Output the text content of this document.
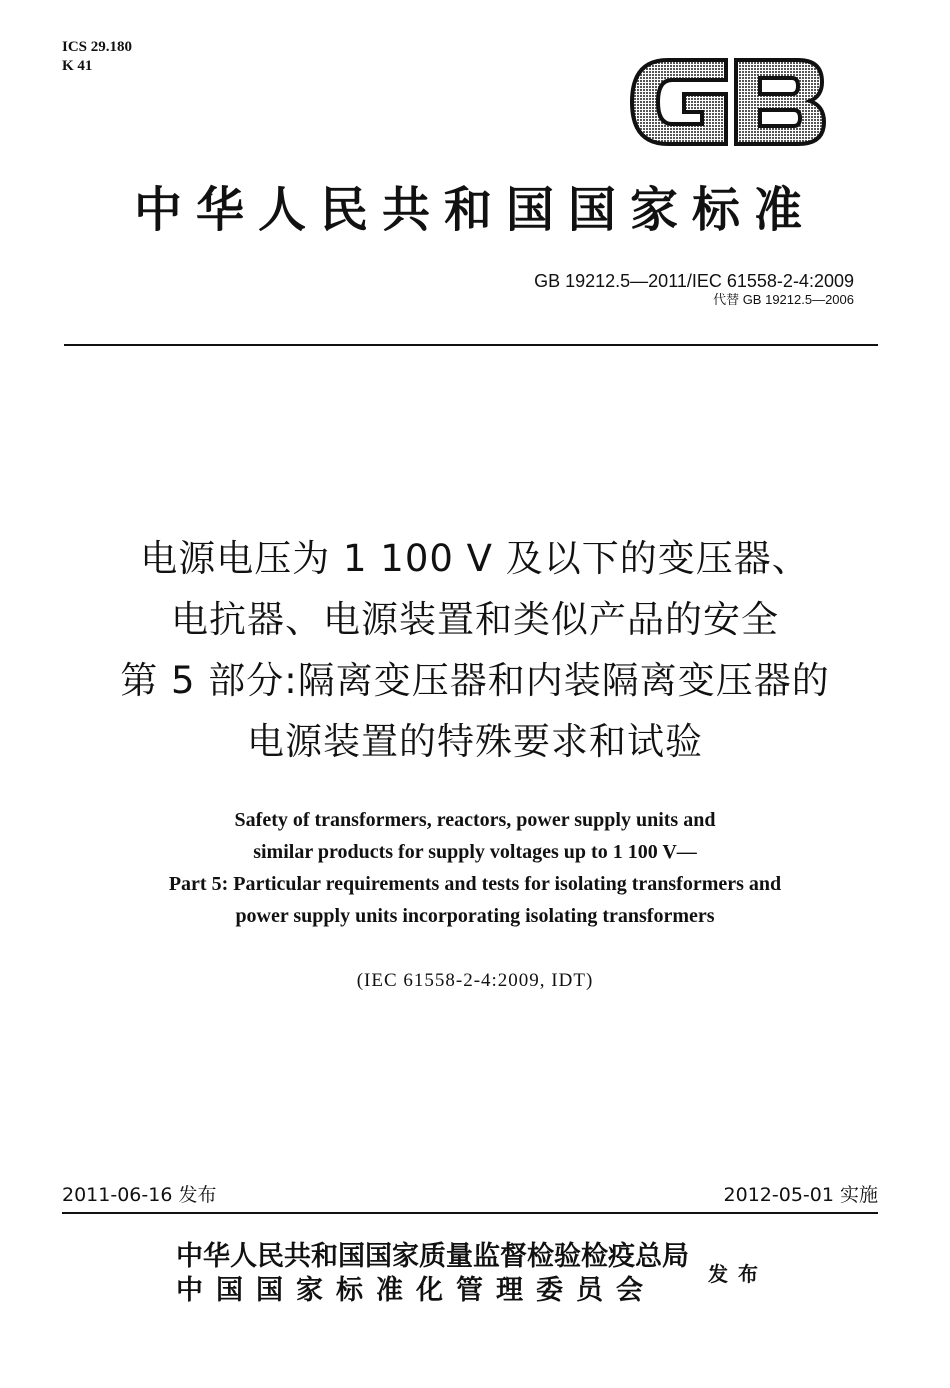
ICS 29.180
K 41
中华人民共和国国家标准
GB 19212.5—2011/IEC 61558-2-4:2009
代替 GB 19212.5—2006
电源电压为 1 100 V 及以下的变压器、
电抗器、电源装置和类似产品的安全
第 5 部分:隔离变压器和内装隔离变压器的
电源装置的特殊要求和试验
Safety of transformers, reactors, power supply units and
similar products for supply voltages up to 1 100 V—
Part 5: Particular requirements and tests for isolating transformers and
power supply units incorporating isolating transformers
(IEC 61558-2-4:2009, IDT)
2011-06-16 发布	2012-05-01 实施
中华人民共和国国家质量监督检验检疫总局
中国国家标准化管理委员会
发布
